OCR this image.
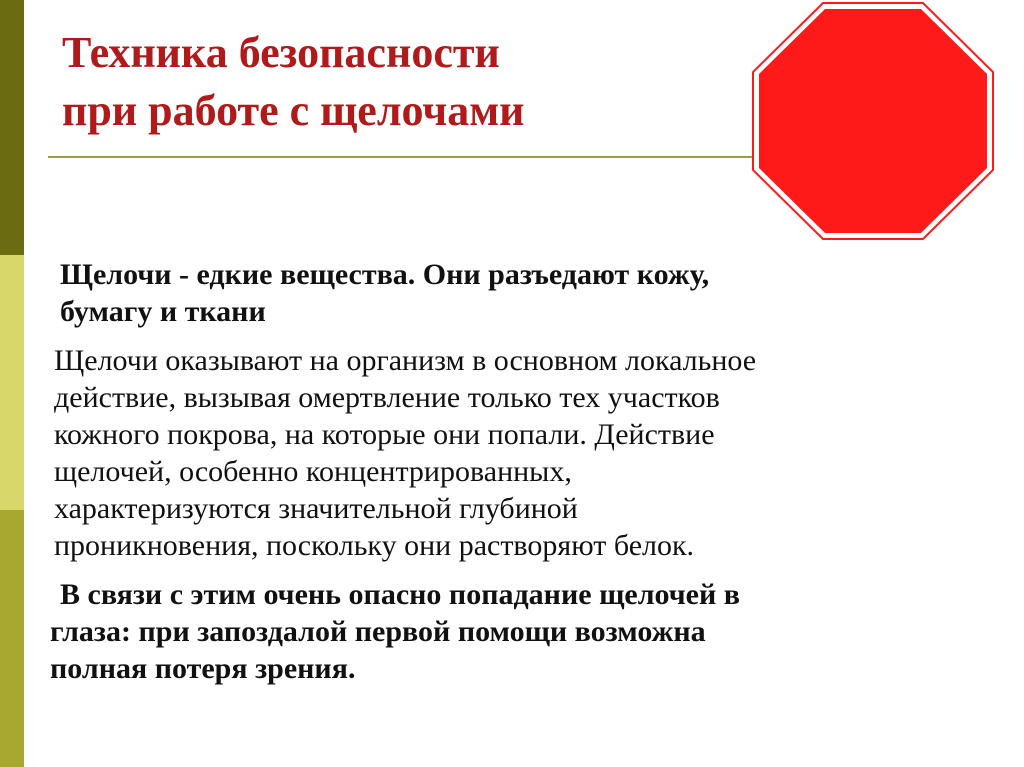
Техника безопасности
при работе с щелочами

Щелочи - едкие вещества. Они разъедают кожу,
бумагу и ткани

Щелочи оказывают на организм в основном локальное
действие, вызывая омертвление только тех участков
кожного покрова, на которые они попали. Действие
щелочей, особенно концентрированных,
характеризуются значительной глубиной
проникновения, поскольку они растворяют белок.

В связи с этим очень опасно попадание щелочей в
глаза: при запоздалой первой помощи возможна
полная потеря зрения.
